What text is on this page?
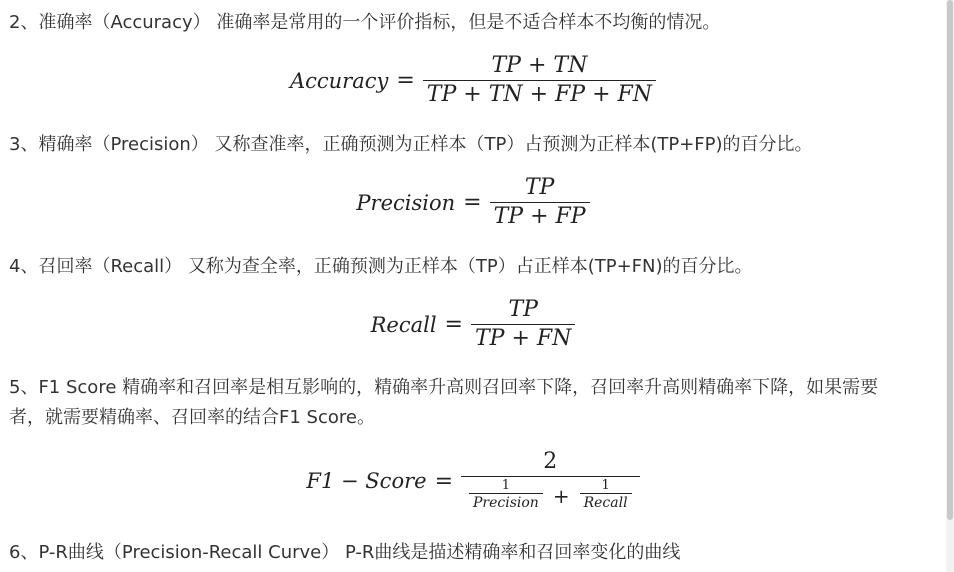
2、准确率（Accuracy） 准确率是常用的一个评价指标，但是不适合样本不均衡的情况。
Accuracy = $\frac{TP + TN}{TP + TN + FP + FN}$
3、精确率（Precision） 又称查准率，正确预测为正样本（TP）占预测为正样本(TP+FP)的百分比。
Precision = $\frac{TP}{TP + FP}$
4、召回率（Recall） 又称为查全率，正确预测为正样本（TP）占正样本(TP+FN)的百分比。
Recall = $\frac{TP}{TP + FN}$
5、F1 Score 精确率和召回率是相互影响的，精确率升高则召回率下降，召回率升高则精确率下降，如果需要
者，就需要精确率、召回率的结合F1 Score。
F1 − Score =
2
$\frac{1}{\text{Precision}} + \frac{1}{\text{Recall}}$
6、P-R曲线（Precision-Recall Curve） P-R曲线是描述精确率和召回率变化的曲线
